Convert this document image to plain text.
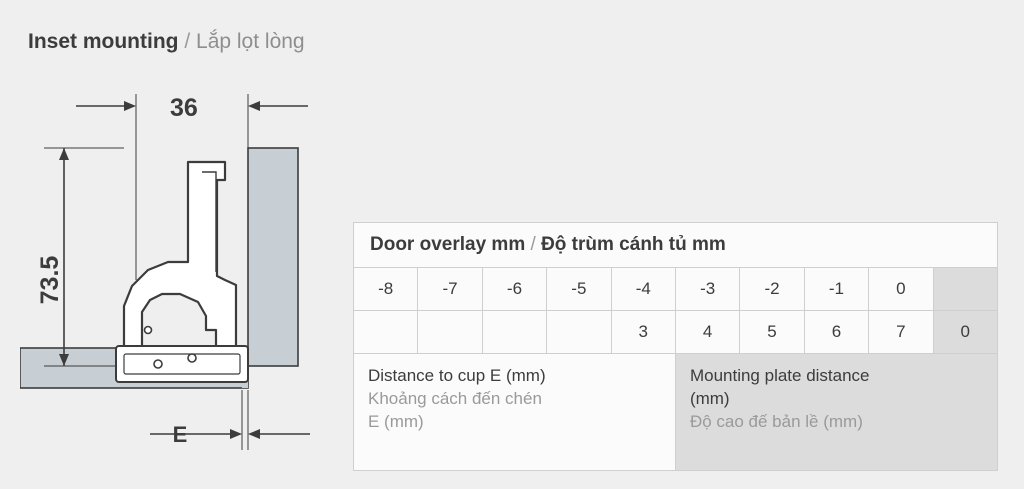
Inset mounting / Lắp lọt lòng
36
73.5
E
Door overlay mm / Độ trùm cánh tủ mm									
-8	-7	-6	-5	-4	-3	-2	-1	0	
				3	4	5	6	7	0

Distance to cup E (mm)
Khoảng cách đến chén
E (mm)					Mounting plate distance
(mm)
Độ cao đế bản lề (mm)				
